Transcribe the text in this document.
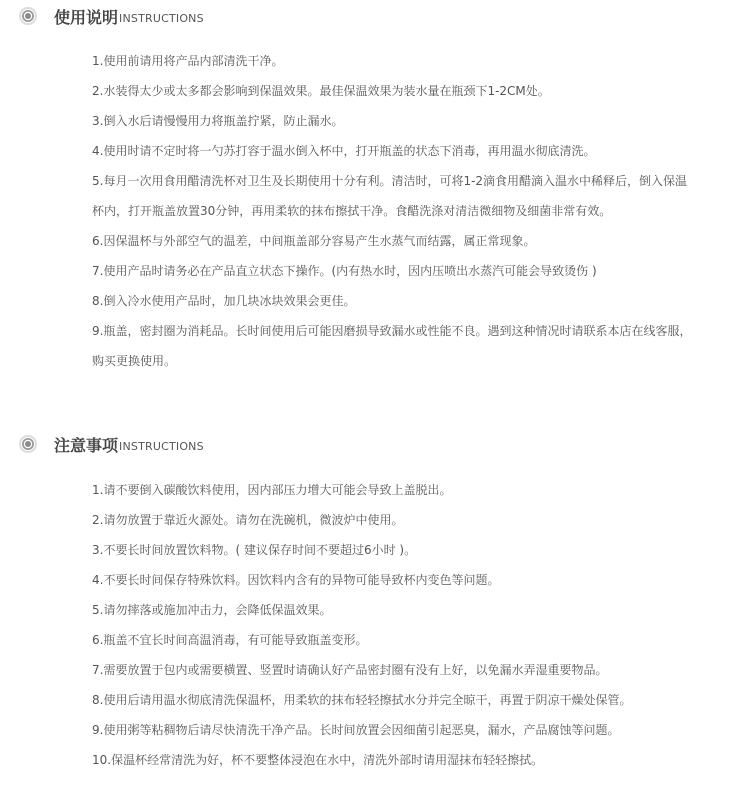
使用说明 INSTRUCTIONS
1.使用前请用将产品内部清洗干净。
2.水装得太少或太多都会影响到保温效果。最佳保温效果为装水量在瓶颈下1-2CM处。
3.倒入水后请慢慢用力将瓶盖拧紧，防止漏水。
4.使用时请不定时将一勺苏打容于温水倒入杯中，打开瓶盖的状态下消毒，再用温水彻底清洗。
5.每月一次用食用醋清洗杯对卫生及长期使用十分有利。清洁时，可将1-2滴食用醋滴入温水中稀释后，倒入保温杯内，打开瓶盖放置30分钟，再用柔软的抹布擦拭干净。食醋洗涤对清洁微细物及细菌非常有效。
6.因保温杯与外部空气的温差，中间瓶盖部分容易产生水蒸气而结露，属正常现象。
7.使用产品时请务必在产品直立状态下操作。(内有热水时，因内压喷出水蒸汽可能会导致烫伤 )
8.倒入冷水使用产品时，加几块冰块效果会更佳。
9.瓶盖，密封圈为消耗品。长时间使用后可能因磨损导致漏水或性能不良。遇到这种情况时请联系本店在线客服，购买更换使用。
注意事项 INSTRUCTIONS
1.请不要倒入碳酸饮料使用，因内部压力增大可能会导致上盖脱出。
2.请勿放置于靠近火源处。请勿在洗碗机，微波炉中使用。
3.不要长时间放置饮料物。( 建议保存时间不要超过6小时 )。
4.不要长时间保存特殊饮料。因饮料内含有的异物可能导致杯内变色等问题。
5.请勿摔落或施加冲击力，会降低保温效果。
6.瓶盖不宜长时间高温消毒，有可能导致瓶盖变形。
7.需要放置于包内或需要横置、竖置时请确认好产品密封圈有没有上好，以免漏水弄湿重要物品。
8.使用后请用温水彻底清洗保温杯，用柔软的抹布轻轻擦拭水分并完全晾干，再置于阴凉干燥处保管。
9.使用粥等粘稠物后请尽快清洗干净产品。长时间放置会因细菌引起恶臭，漏水，产品腐蚀等问题。
10.保温杯经常清洗为好，杯不要整体浸泡在水中，清洗外部时请用湿抹布轻轻擦拭。
